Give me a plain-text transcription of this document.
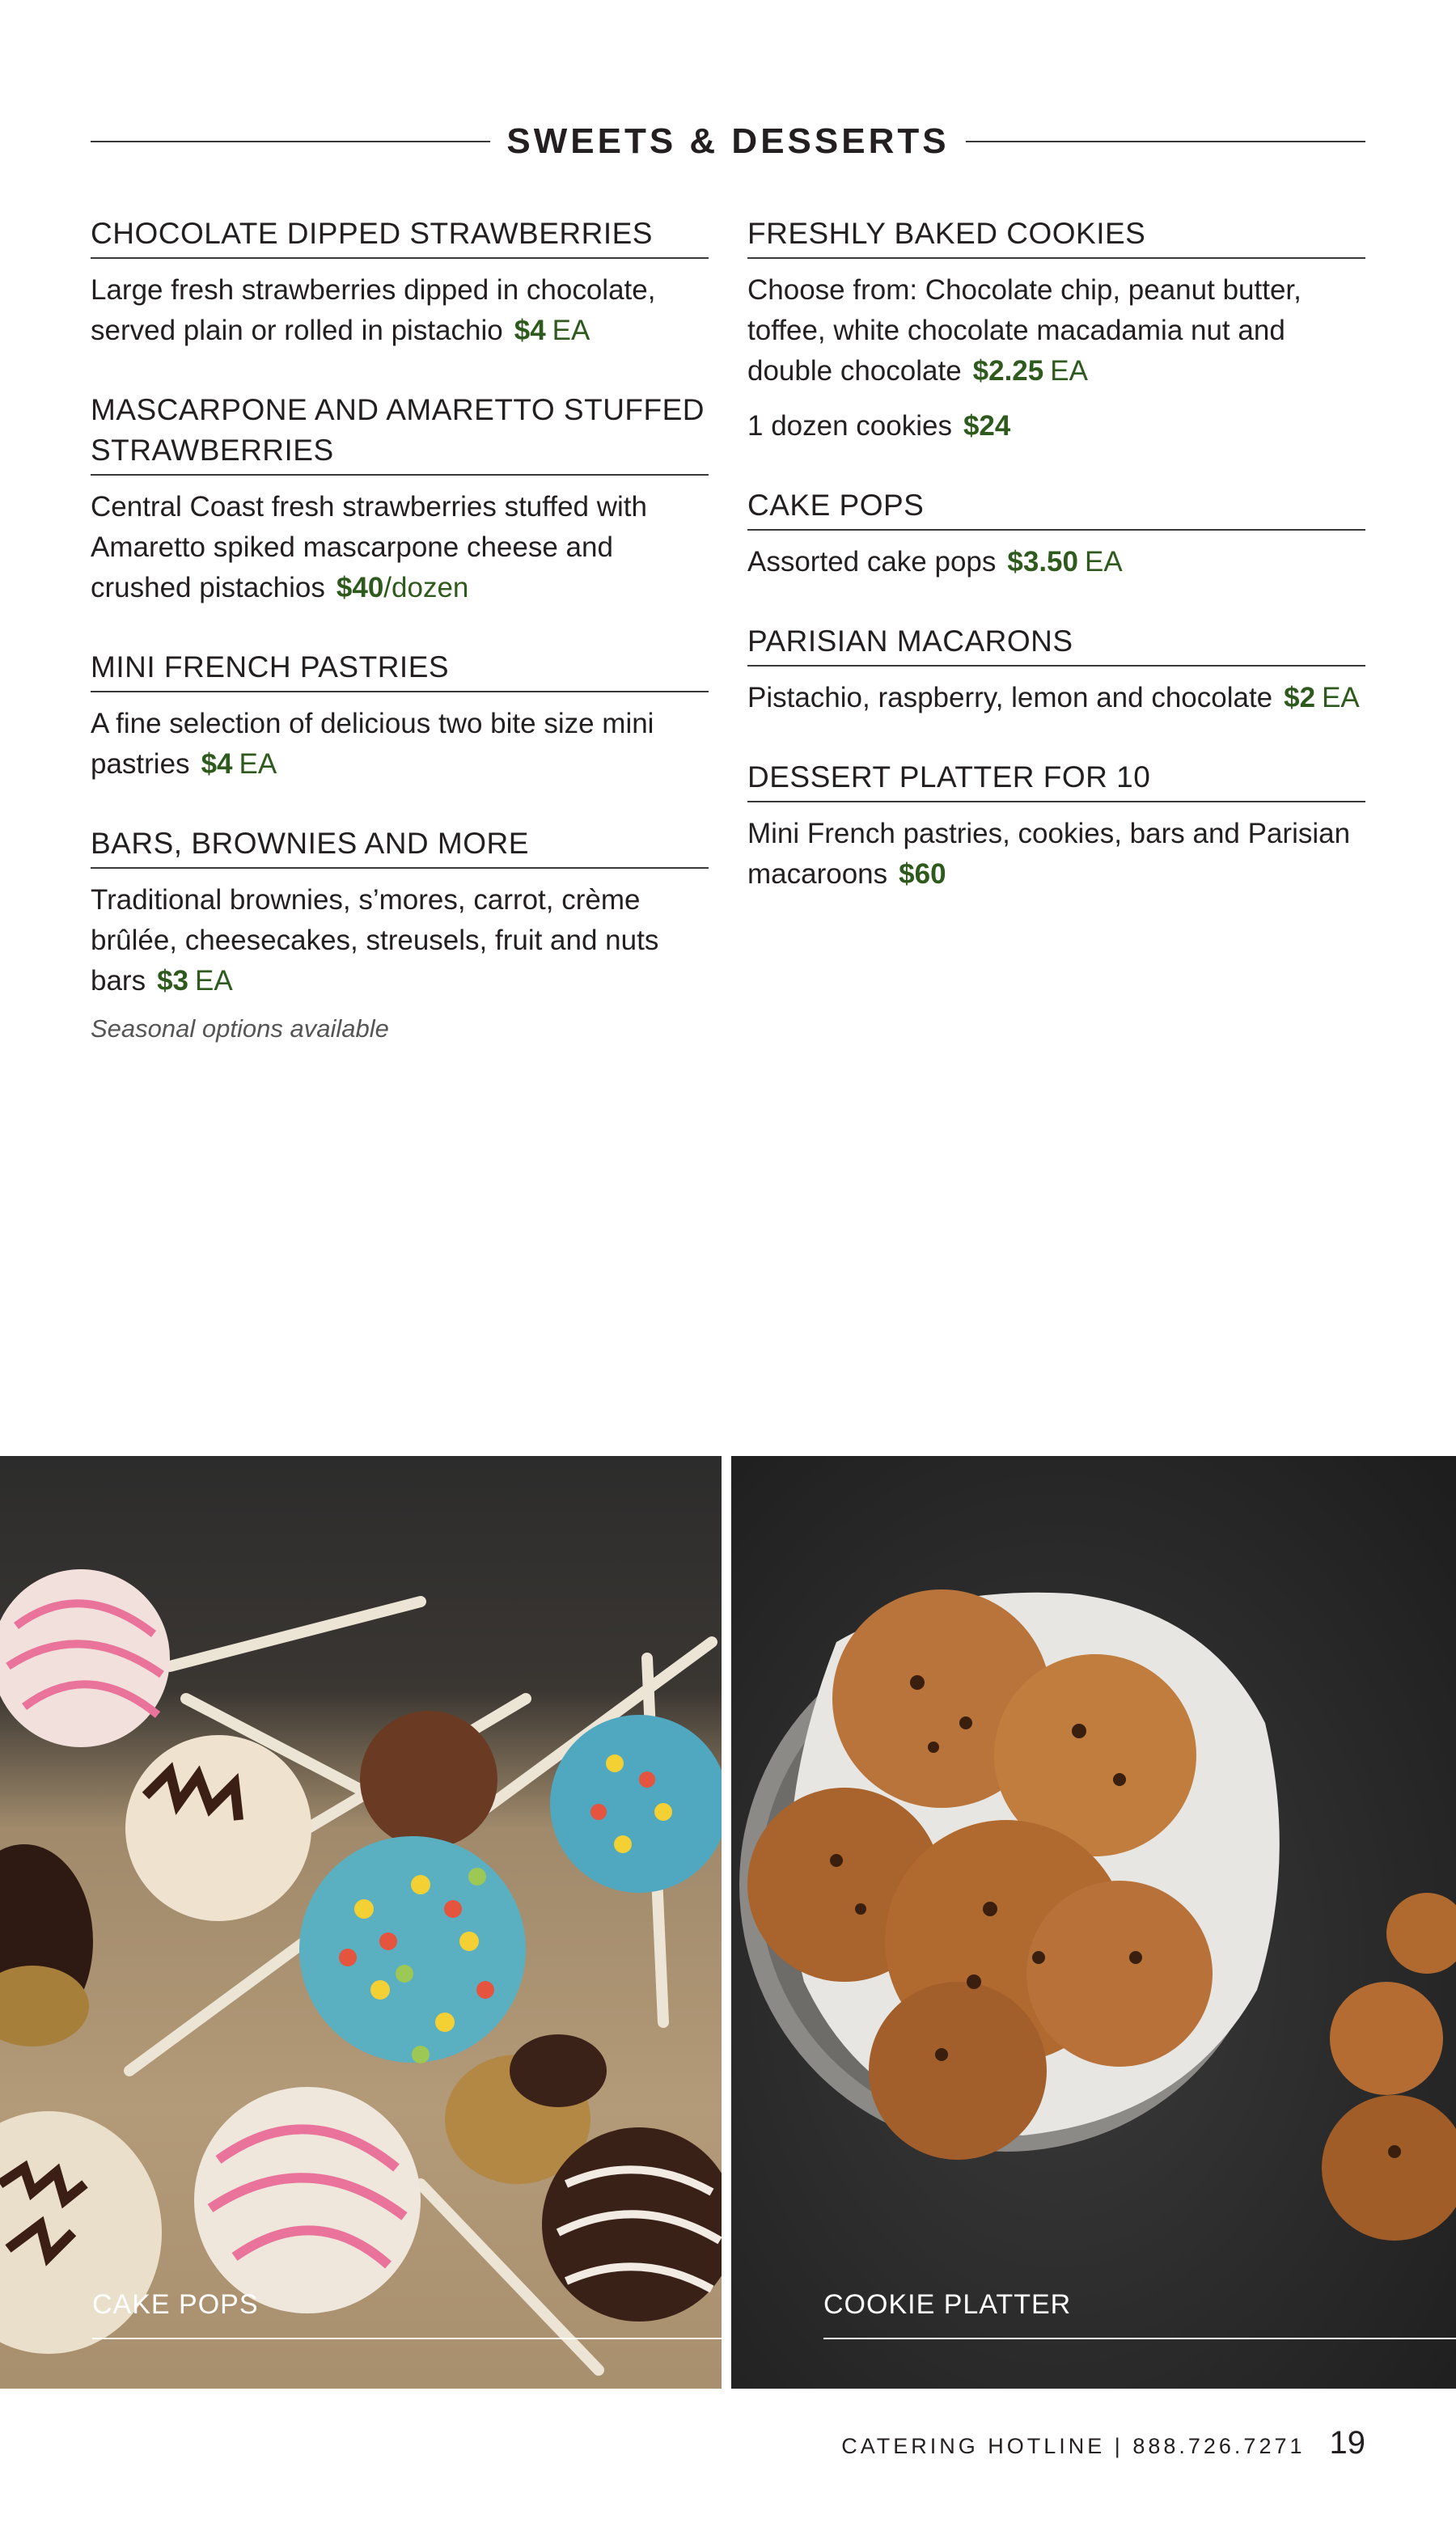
SWEETS & DESSERTS
CHOCOLATE DIPPED STRAWBERRIES
Large fresh strawberries dipped in chocolate, served plain or rolled in pistachio $4 EA
MASCARPONE AND AMARETTO STUFFED STRAWBERRIES
Central Coast fresh strawberries stuffed with Amaretto spiked mascarpone cheese and crushed pistachios $40/dozen
MINI FRENCH PASTRIES
A fine selection of delicious two bite size mini pastries $4 EA
BARS, BROWNIES AND MORE
Traditional brownies, s’mores, carrot, crème brûlée, cheesecakes, streusels, fruit and nuts bars $3 EA
Seasonal options available
FRESHLY BAKED COOKIES
Choose from: Chocolate chip, peanut butter, toffee, white chocolate macadamia nut and double chocolate $2.25 EA
1 dozen cookies $24
CAKE POPS
Assorted cake pops $3.50 EA
PARISIAN MACARONS
Pistachio, raspberry, lemon and chocolate $2 EA
DESSERT PLATTER FOR 10
Mini French pastries, cookies, bars and Parisian macaroons $60
CAKE POPS	COOKIE PLATTER
CATERING HOTLINE | 888.726.7271 19
